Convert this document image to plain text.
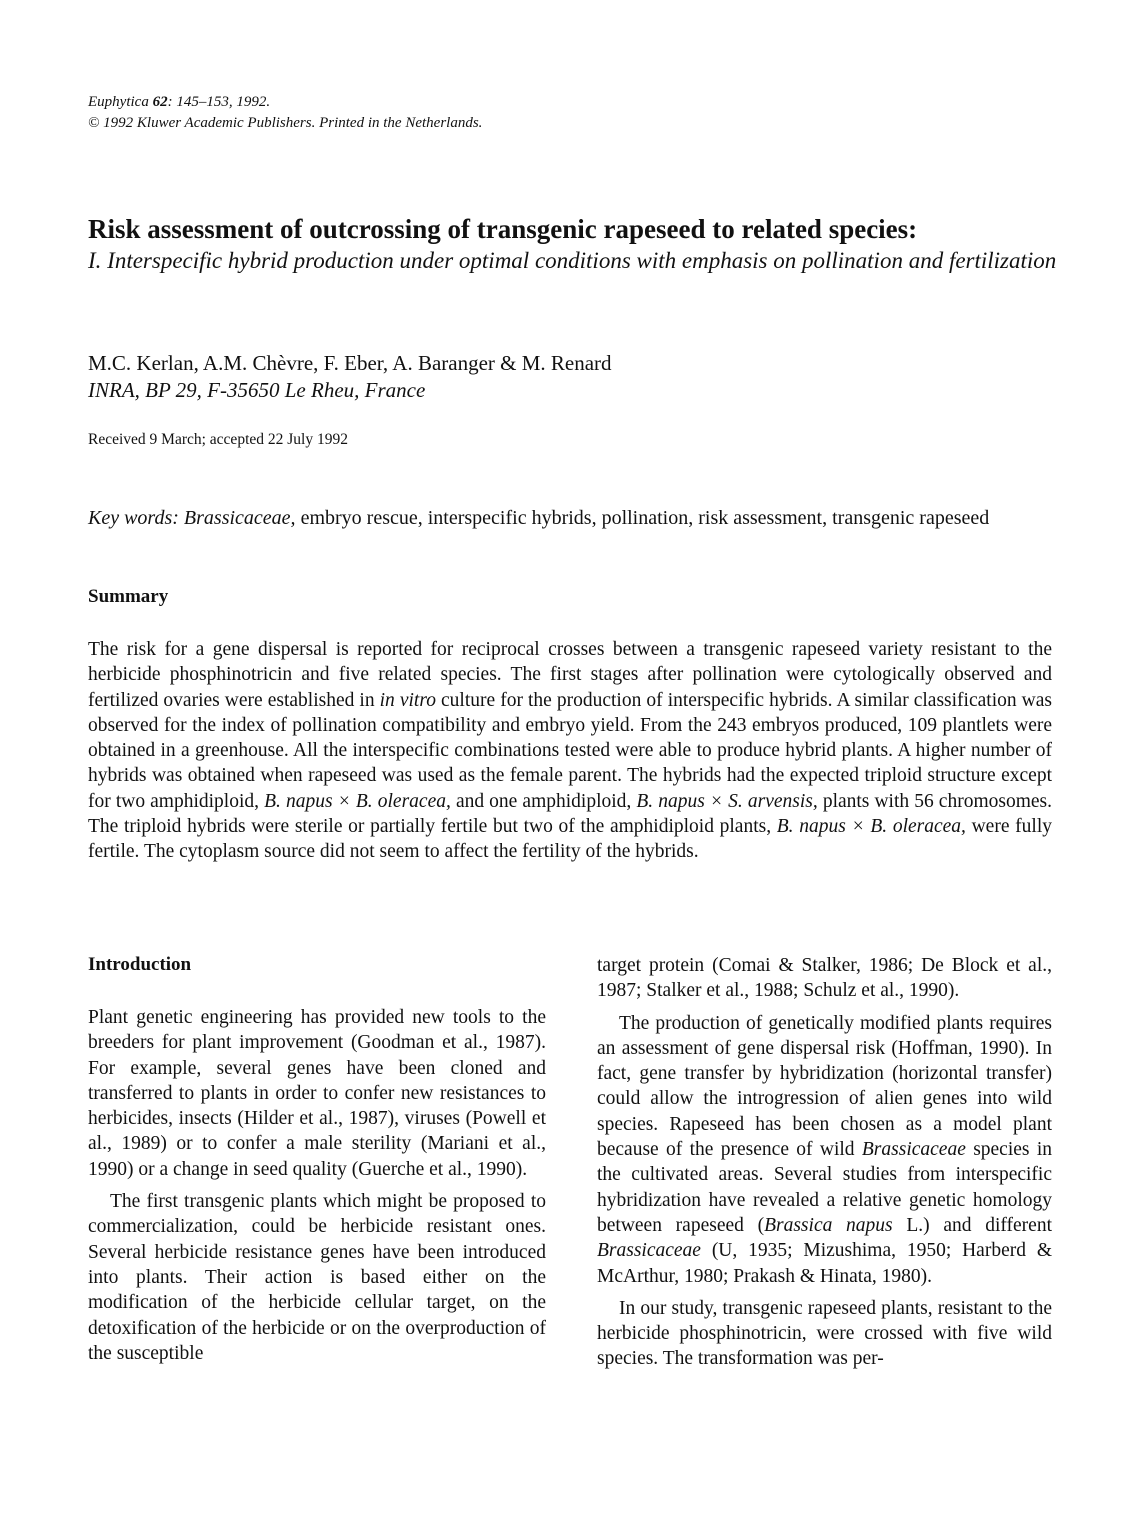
Euphytica 62: 145–153, 1992.
© 1992 Kluwer Academic Publishers. Printed in the Netherlands.
Risk assessment of outcrossing of transgenic rapeseed to related species:
I. Interspecific hybrid production under optimal conditions with emphasis on pollination and fertilization
M.C. Kerlan, A.M. Chèvre, F. Eber, A. Baranger & M. Renard
INRA, BP 29, F-35650 Le Rheu, France
Received 9 March; accepted 22 July 1992
Key words: Brassicaceae, embryo rescue, interspecific hybrids, pollination, risk assessment, transgenic rapeseed
Summary
The risk for a gene dispersal is reported for reciprocal crosses between a transgenic rapeseed variety resistant to the herbicide phosphinotricin and five related species. The first stages after pollination were cytologically observed and fertilized ovaries were established in in vitro culture for the production of interspecific hybrids. A similar classification was observed for the index of pollination compatibility and embryo yield. From the 243 embryos produced, 109 plantlets were obtained in a greenhouse. All the interspecific combinations tested were able to produce hybrid plants. A higher number of hybrids was obtained when rapeseed was used as the female parent. The hybrids had the expected triploid structure except for two amphidiploid, B. napus × B. oleracea, and one amphidiploid, B. napus × S. arvensis, plants with 56 chromosomes. The triploid hybrids were sterile or partially fertile but two of the amphidiploid plants, B. napus × B. oleracea, were fully fertile. The cytoplasm source did not seem to affect the fertility of the hybrids.
Introduction

Plant genetic engineering has provided new tools to the breeders for plant improvement (Goodman et al., 1987). For example, several genes have been cloned and transferred to plants in order to confer new resistances to herbicides, insects (Hilder et al., 1987), viruses (Powell et al., 1989) or to confer a male sterility (Mariani et al., 1990) or a change in seed quality (Guerche et al., 1990).

The first transgenic plants which might be proposed to commercialization, could be herbicide resistant ones. Several herbicide resistance genes have been introduced into plants. Their action is based either on the modification of the herbicide cellular target, on the detoxification of the herbicide or on the overproduction of the susceptible

target protein (Comai & Stalker, 1986; De Block et al., 1987; Stalker et al., 1988; Schulz et al., 1990).

The production of genetically modified plants requires an assessment of gene dispersal risk (Hoffman, 1990). In fact, gene transfer by hybridization (horizontal transfer) could allow the introgression of alien genes into wild species. Rapeseed has been chosen as a model plant because of the presence of wild Brassicaceae species in the cultivated areas. Several studies from interspecific hybridization have revealed a relative genetic homology between rapeseed (Brassica napus L.) and different Brassicaceae (U, 1935; Mizushima, 1950; Harberd & McArthur, 1980; Prakash & Hinata, 1980).

In our study, transgenic rapeseed plants, resistant to the herbicide phosphinotricin, were crossed with five wild species. The transformation was per-
